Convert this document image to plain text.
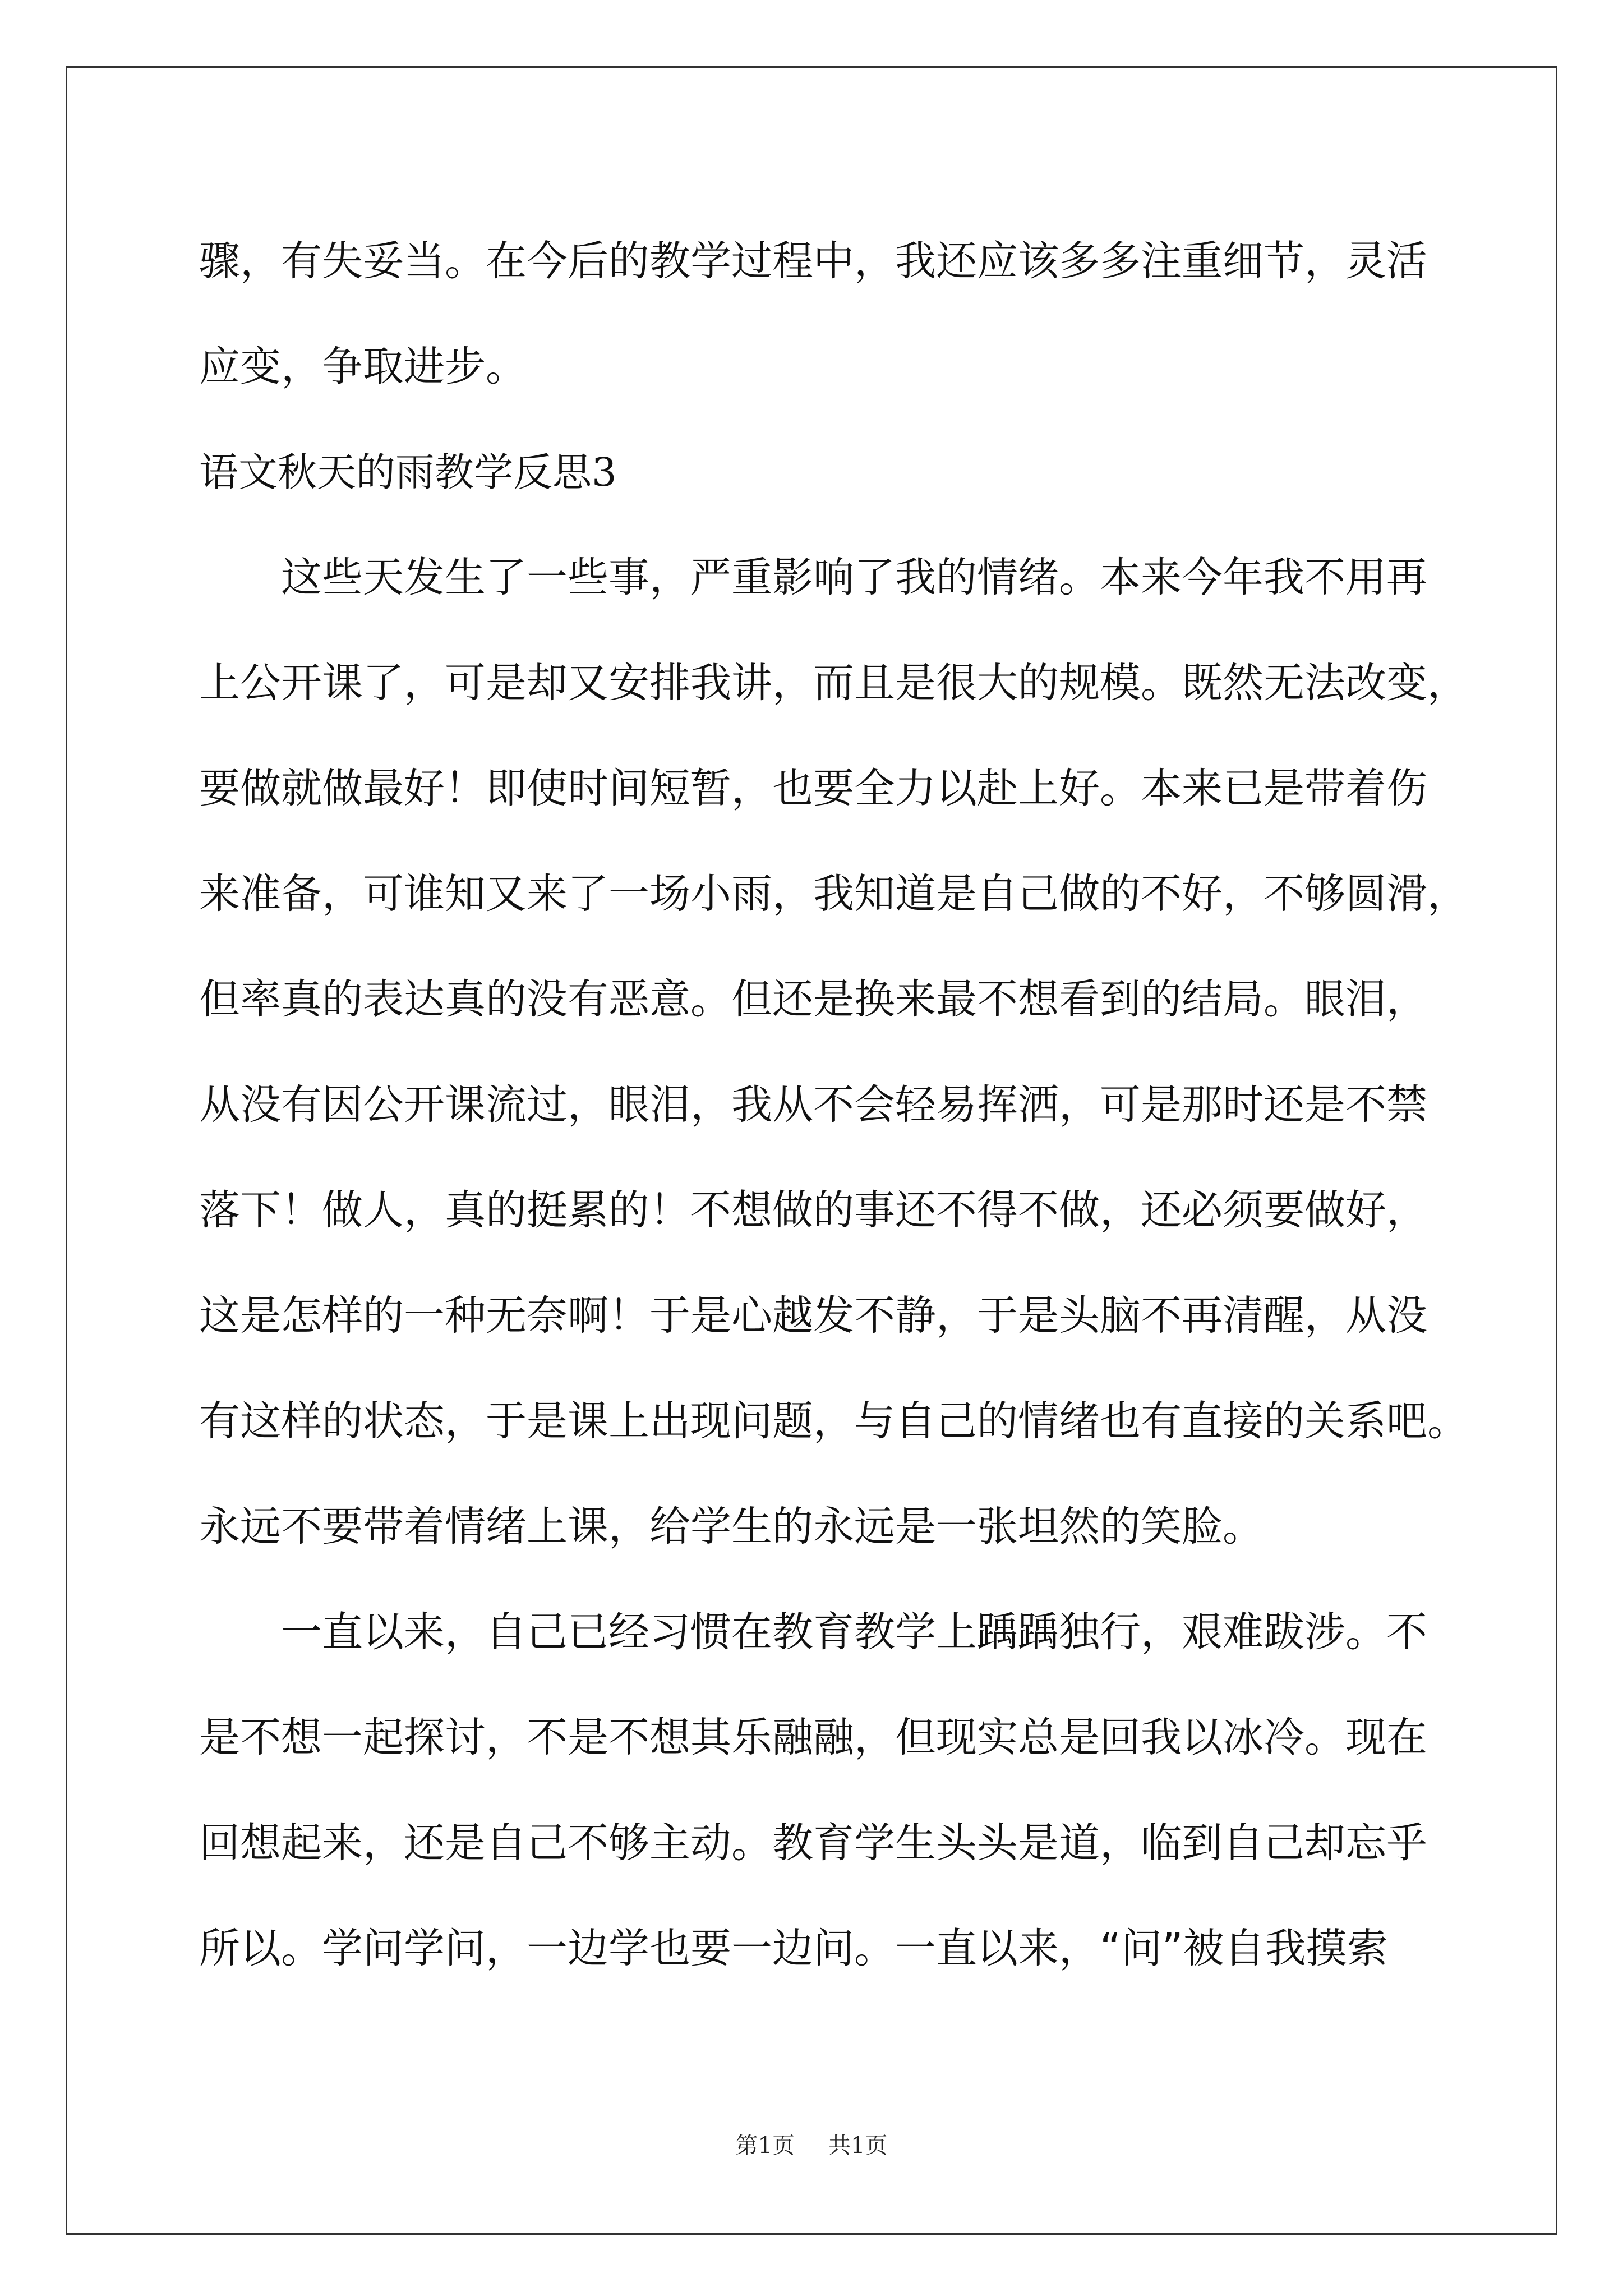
骤，有失妥当。在今后的教学过程中，我还应该多多注重细节，灵活
应变，争取进步。
语文秋天的雨教学反思3
　　这些天发生了一些事，严重影响了我的情绪。本来今年我不用再
上公开课了，可是却又安排我讲，而且是很大的规模。既然无法改变，
要做就做最好！即使时间短暂，也要全力以赴上好。本来已是带着伤
来准备，可谁知又来了一场小雨，我知道是自己做的不好，不够圆滑，
但率真的表达真的没有恶意。但还是换来最不想看到的结局。眼泪，
从没有因公开课流过，眼泪，我从不会轻易挥洒，可是那时还是不禁
落下！做人，真的挺累的！不想做的事还不得不做，还必须要做好，
这是怎样的一种无奈啊！于是心越发不静，于是头脑不再清醒，从没
有这样的状态，于是课上出现问题，与自己的情绪也有直接的关系吧。
永远不要带着情绪上课，给学生的永远是一张坦然的笑脸。
　　一直以来，自己已经习惯在教育教学上踽踽独行，艰难跋涉。不
是不想一起探讨，不是不想其乐融融，但现实总是回我以冰冷。现在
回想起来，还是自己不够主动。教育学生头头是道，临到自己却忘乎
所以。学问学问，一边学也要一边问。一直以来，“问”被自我摸索
第1页 共1页
